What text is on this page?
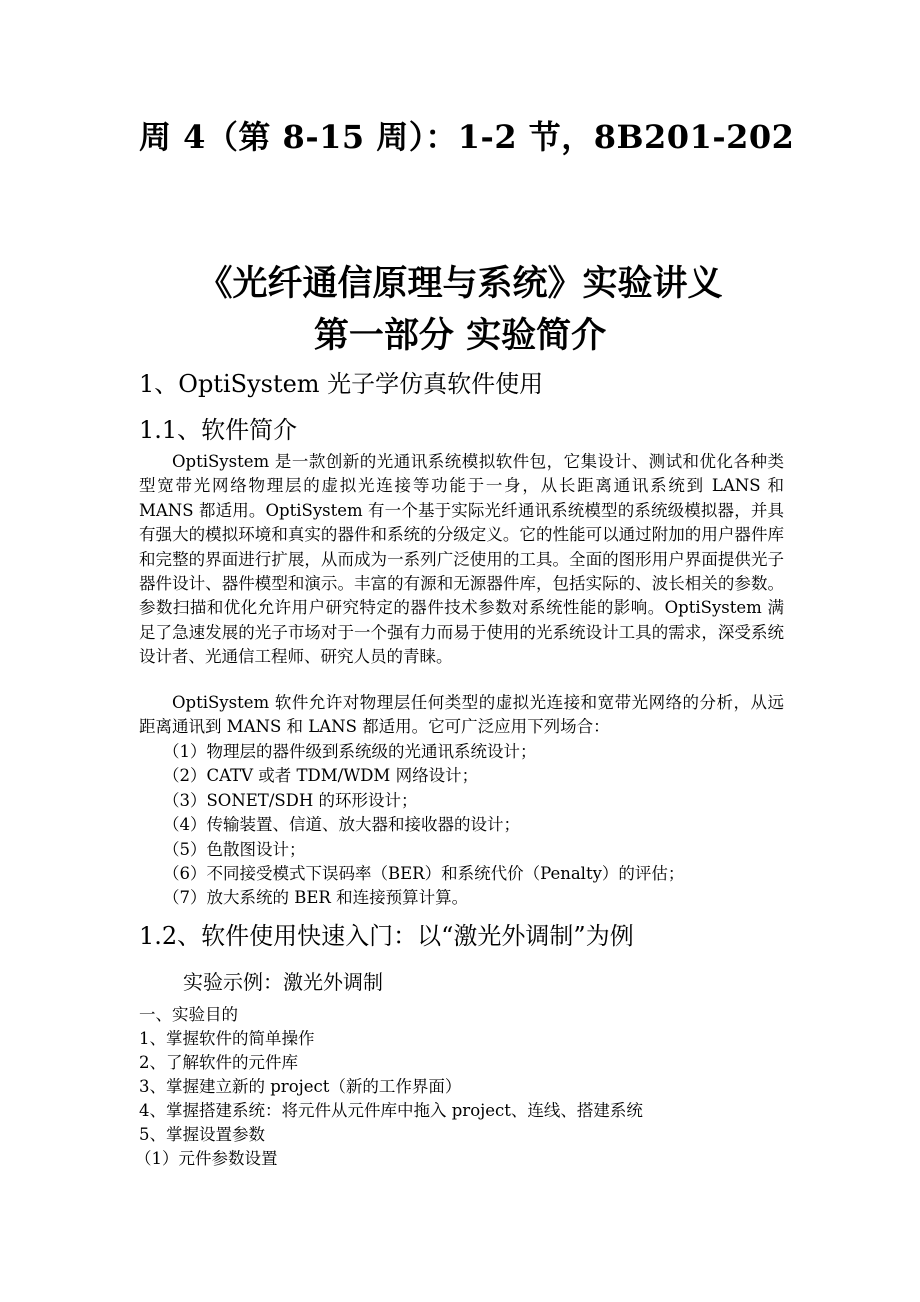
周 4（第 8-15 周）：1-2 节，8B201-202
《光纤通信原理与系统》实验讲义
第一部分 实验简介
1、OptiSystem 光子学仿真软件使用
1.1、软件简介

OptiSystem 是一款创新的光通讯系统模拟软件包，它集设计、测试和优化各种类型宽带光网络物理层的虚拟光连接等功能于一身，从长距离通讯系统到 LANS 和 MANS 都适用。OptiSystem 有一个基于实际光纤通讯系统模型的系统级模拟器，并具有强大的模拟环境和真实的器件和系统的分级定义。它的性能可以通过附加的用户器件库和完整的界面进行扩展，从而成为一系列广泛使用的工具。全面的图形用户界面提供光子器件设计、器件模型和演示。丰富的有源和无源器件库，包括实际的、波长相关的参数。参数扫描和优化允许用户研究特定的器件技术参数对系统性能的影响。OptiSystem 满足了急速发展的光子市场对于一个强有力而易于使用的光系统设计工具的需求，深受系统设计者、光通信工程师、研究人员的青睐。

OptiSystem 软件允许对物理层任何类型的虚拟光连接和宽带光网络的分析，从远距离通讯到 MANS 和 LANS 都适用。它可广泛应用下列场合：

（1）物理层的器件级到系统级的光通讯系统设计；
（2）CATV 或者 TDM/WDM 网络设计；
（3）SONET/SDH 的环形设计；
（4）传输装置、信道、放大器和接收器的设计；
（5）色散图设计；
（6）不同接受模式下误码率（BER）和系统代价（Penalty）的评估；
（7）放大系统的 BER 和连接预算计算。
1.2、软件使用快速入门：以“激光外调制”为例
实验示例：激光外调制
一、实验目的
1、掌握软件的简单操作
2、了解软件的元件库
3、掌握建立新的 project（新的工作界面）
4、掌握搭建系统：将元件从元件库中拖入 project、连线、搭建系统
5、掌握设置参数
（1）元件参数设置
